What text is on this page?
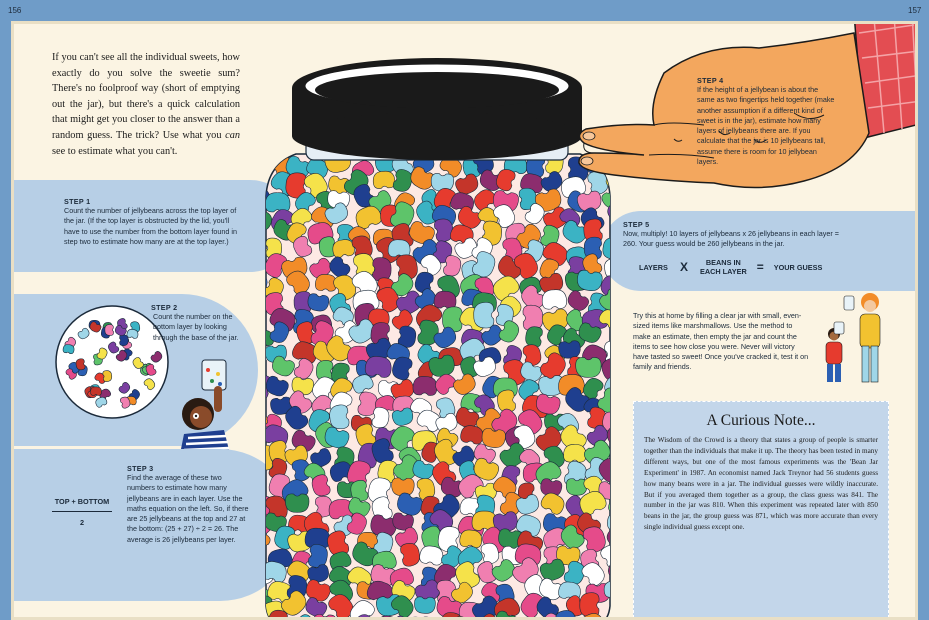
156	157
If you can't see all the individual sweets, how exactly do you solve the sweetie sum? There's no foolproof way (short of emptying out the jar), but there's a quick calculation that might get you closer to the answer than a random guess. The trick? Use what you can see to estimate what you can't.
STEP 1
Count the number of jellybeans across the top layer of the jar. (If the top layer is obstructed by the lid, you'll have to use the number from the bottom layer found in step two to estimate how many are at the top layer.)
STEP 2
Count the number on the bottom layer by looking through the base of the jar.
TOP + BOTTOM
2
STEP 3
Find the average of these two numbers to estimate how many jellybeans are in each layer. Use the maths equation on the left. So, if there are 25 jellybeans at the top and 27 at the bottom: (25 + 27) ÷ 2 = 26. The average is 26 jellybeans per layer.
STEP 4
If the height of a jellybean is about the same as two fingertips held together (make another assumption if a different kind of sweet is in the jar), estimate how many layers of jellybeans there are. If you calculate that the jar is 10 jellybeans tall, assume there is room for 10 jellybean layers.
STEP 5
Now, multiply! 10 layers of jellybeans x 26 jellybeans in each layer = 260. Your guess would be 260 jellybeans in the jar.
LAYERS X	BEANS IN
EACH LAYER = YOUR GUESS
Try this at home by filling a clear jar with small, even-sized items like marshmallows. Use the method to make an estimate, then empty the jar and count the items to see how close you were. Never will victory have tasted so sweet! Once you've cracked it, test it on family and friends.
A Curious Note...

The Wisdom of the Crowd is a theory that states a group of people is smarter together than the individuals that make it up. The theory has been tested in many different ways, but one of the most famous experiments was the 'Bean Jar Experiment' in 1987. An economist named Jack Treynor had 56 students guess how many beans were in a jar. The individual guesses were wildly inaccurate. But if you averaged them together as a group, the class guess was 841. The number in the jar was 810. When this experiment was repeated later with 850 beans in the jar, the group guess was 871, which was more accurate than every single individual guess except one.
